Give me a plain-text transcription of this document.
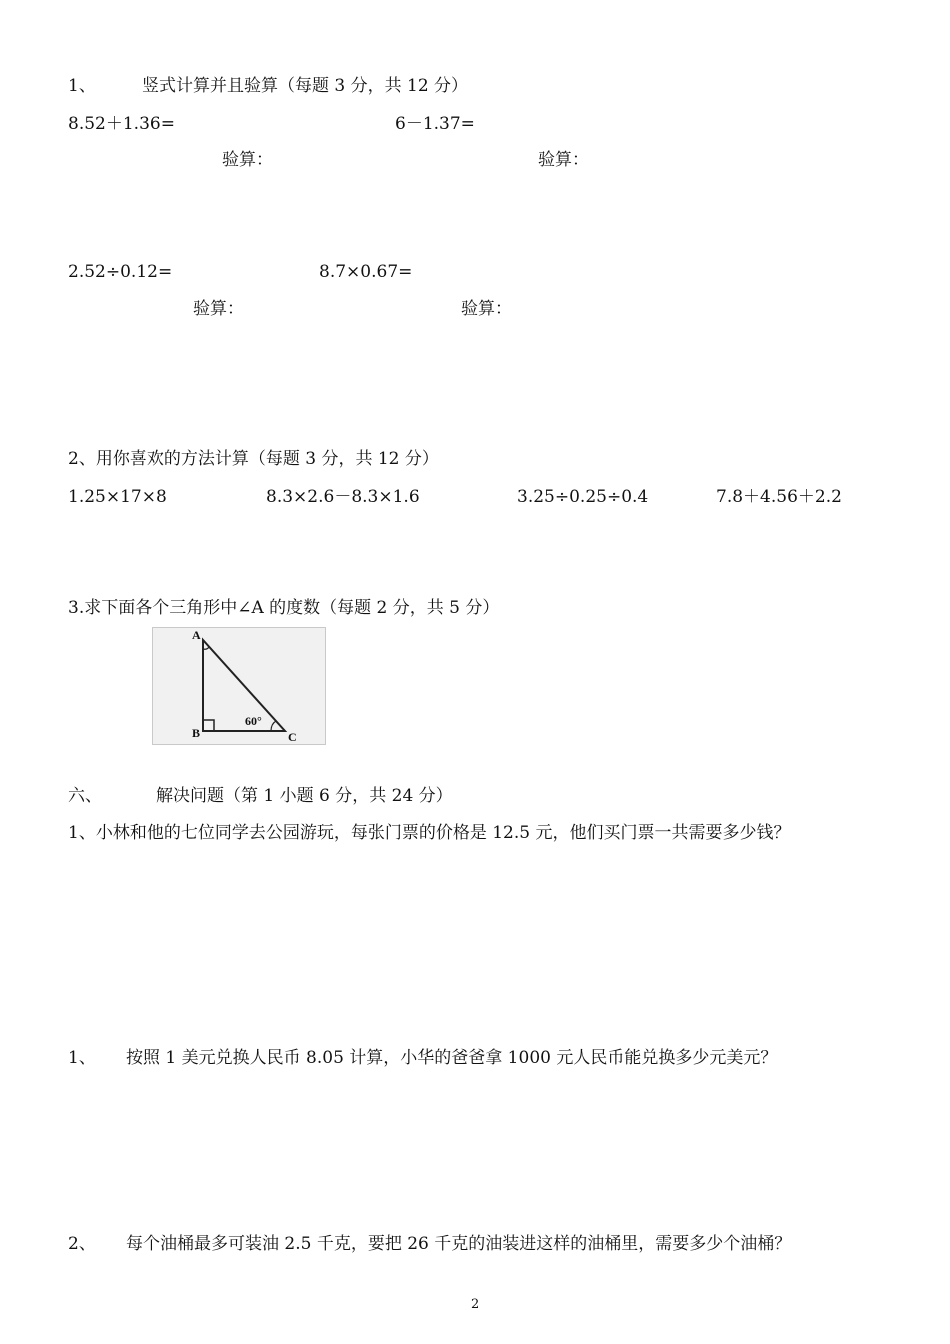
1、	竖式计算并且验算（每题 3 分，共 12 分）
8.52＋1.36=	6－1.37=
验算：	验算：
2.52÷0.12=	8.7×0.67=
验算：	验算：
2、用你喜欢的方法计算（每题 3 分，共 12 分）
1.25×17×8	8.3×2.6－8.3×1.6	3.25÷0.25÷0.4	7.8＋4.56＋2.2
3.求下面各个三角形中∠A 的度数（每题 2 分，共 5 分）
A
B	C
60°
六、	解决问题（第 1 小题 6 分，共 24 分）
1、小林和他的七位同学去公园游玩，每张门票的价格是 12.5 元，他们买门票一共需要多少钱？
1、 按照 1 美元兑换人民币 8.05 计算，小华的爸爸拿 1000 元人民币能兑换多少元美元？
2、 每个油桶最多可装油 2.5 千克，要把 26 千克的油装进这样的油桶里，需要多少个油桶？
2
